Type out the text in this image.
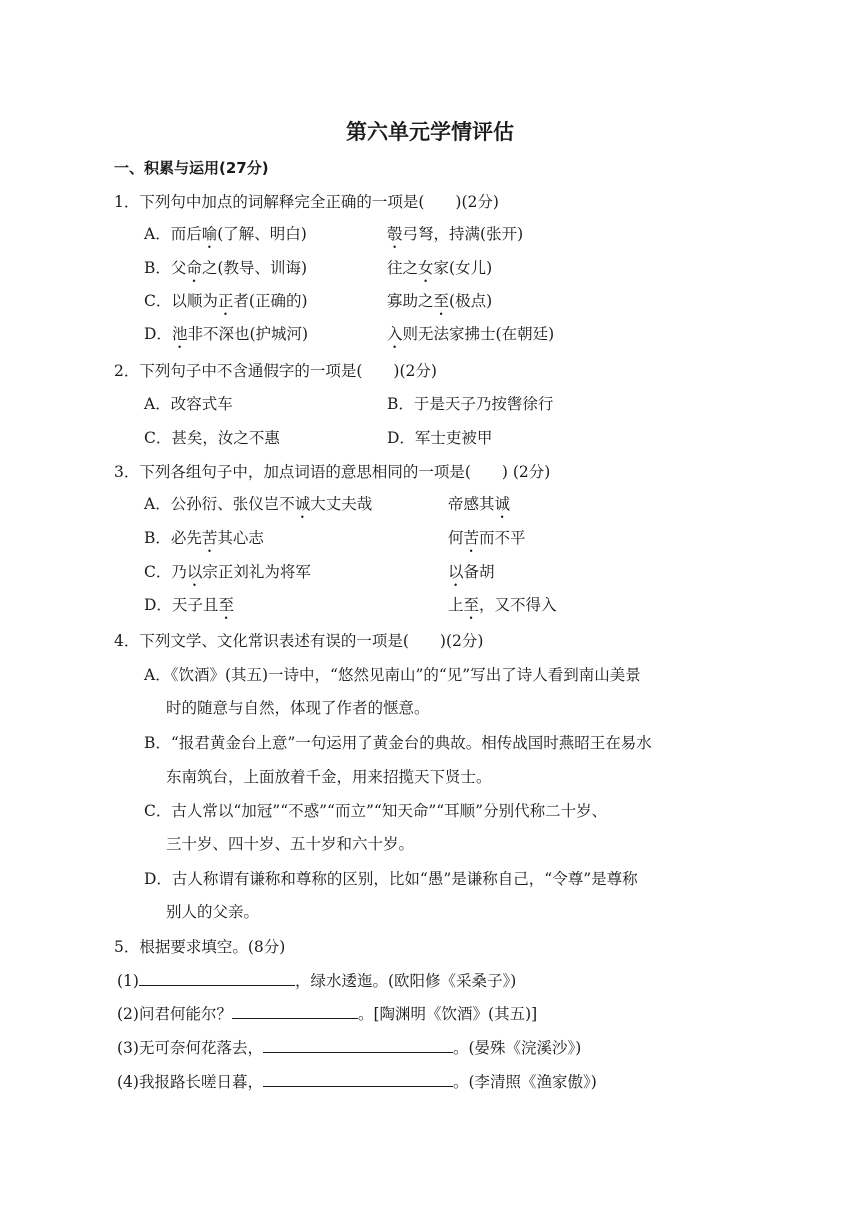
第六单元学情评估
一、积累与运用(27分)
1．下列句中加点的词解释完全正确的一项是(　　)(2分)
A．而后喻(了解、明白)	彀弓弩，持满(张开)
B．父命之(教导、训诲)	往之女家(女儿)
C．以顺为正者(正确的)	寡助之至(极点)
D．池非不深也(护城河)	入则无法家拂士(在朝廷)
2．下列句子中不含通假字的一项是(　　)(2分)
A．改容式车	B．于是天子乃按辔徐行
C．甚矣，汝之不惠	D．军士吏被甲
3．下列各组句子中，加点词语的意思相同的一项是(　　) (2分)
A．公孙衍、张仪岂不诚大丈夫哉	帝感其诚
B．必先苦其心志	何苦而不平
C．乃以宗正刘礼为将军	以备胡
D．天子且至	上至，又不得入
4．下列文学、文化常识表述有误的一项是(　　)(2分)
A．《饮酒》(其五)一诗中，“悠然见南山”的“见”写出了诗人看到南山美景
时的随意与自然，体现了作者的惬意。
B．“报君黄金台上意”一句运用了黄金台的典故。相传战国时燕昭王在易水
东南筑台，上面放着千金，用来招揽天下贤士。
C．古人常以“加冠”“不惑”“而立”“知天命”“耳顺”分别代称二十岁、
三十岁、四十岁、五十岁和六十岁。
D．古人称谓有谦称和尊称的区别，比如“愚”是谦称自己，“令尊”是尊称
别人的父亲。
5．根据要求填空。(8分)
(1)	，绿水逶迤。(欧阳修《采桑子》)
(2)问君何能尔？	。[陶渊明《饮酒》(其五)]
(3)无可奈何花落去，	。(晏殊《浣溪沙》)
(4)我报路长嗟日暮，	。(李清照《渔家傲》)
